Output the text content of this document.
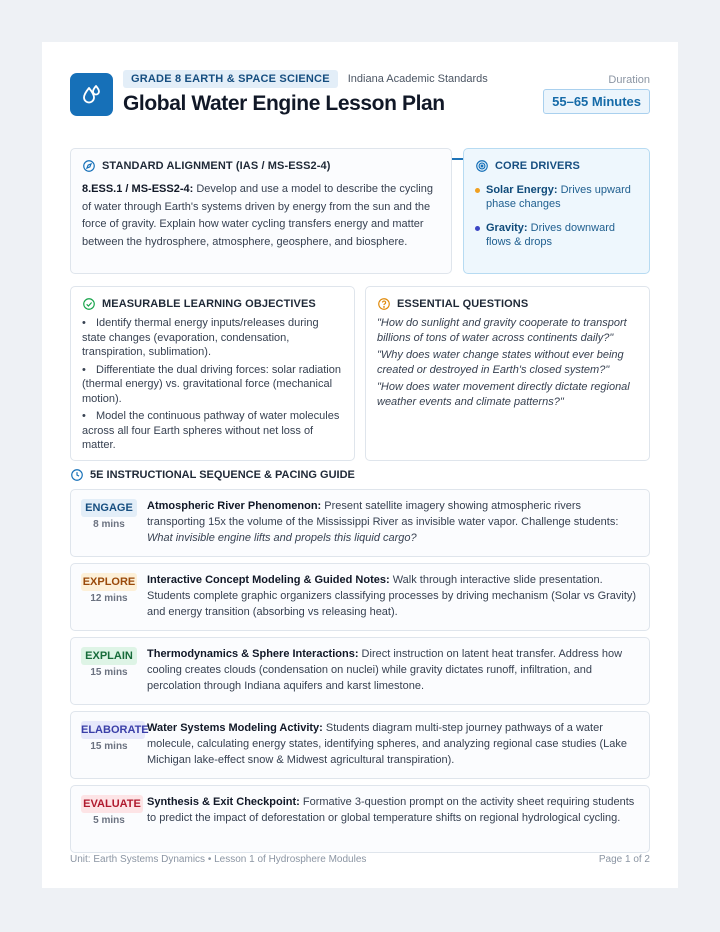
GRADE 8 EARTH & SPACE SCIENCE	Indiana Academic Standards
Global Water Engine Lesson Plan
Duration
55–65 Minutes
STANDARD ALIGNMENT (IAS / MS-ESS2-4)
8.ESS.1 / MS-ESS2-4: Develop and use a model to describe the cycling of water through Earth's systems driven by energy from the sun and the force of gravity. Explain how water cycling transfers energy and matter between the hydrosphere, atmosphere, geosphere, and biosphere.
CORE DRIVERS
Solar Energy: Drives upward phase changes
Gravity: Drives downward flows & drops
MEASURABLE LEARNING OBJECTIVES
• Identify thermal energy inputs/releases during state changes (evaporation, condensation, transpiration, sublimation).
• Differentiate the dual driving forces: solar radiation (thermal energy) vs. gravitational force (mechanical motion).
• Model the continuous pathway of water molecules across all four Earth spheres without net loss of matter.
ESSENTIAL QUESTIONS

"How do sunlight and gravity cooperate to transport billions of tons of water across continents daily?"

"Why does water change states without ever being created or destroyed in Earth's closed system?"

"How does water movement directly dictate regional weather events and climate patterns?"

5E INSTRUCTIONAL SEQUENCE & PACING GUIDE
ENGAGE
8 mins
Atmospheric River Phenomenon: Present satellite imagery showing atmospheric rivers transporting 15x the volume of the Mississippi River as invisible water vapor. Challenge students: What invisible engine lifts and propels this liquid cargo?
EXPLORE
12 mins
Interactive Concept Modeling & Guided Notes: Walk through interactive slide presentation. Students complete graphic organizers classifying processes by driving mechanism (Solar vs Gravity) and energy transition (absorbing vs releasing heat).
EXPLAIN
15 mins
Thermodynamics & Sphere Interactions: Direct instruction on latent heat transfer. Address how cooling creates clouds (condensation on nuclei) while gravity dictates runoff, infiltration, and percolation through Indiana aquifers and karst limestone.
ELABORATE
15 mins
Water Systems Modeling Activity: Students diagram multi-step journey pathways of a water molecule, calculating energy states, identifying spheres, and analyzing regional case studies (Lake Michigan lake-effect snow & Midwest agricultural transpiration).
EVALUATE
5 mins
Synthesis & Exit Checkpoint: Formative 3-question prompt on the activity sheet requiring students to predict the impact of deforestation or global temperature shifts on regional hydrological cycling.
Unit: Earth Systems Dynamics • Lesson 1 of Hydrosphere Modules	Page 1 of 2
